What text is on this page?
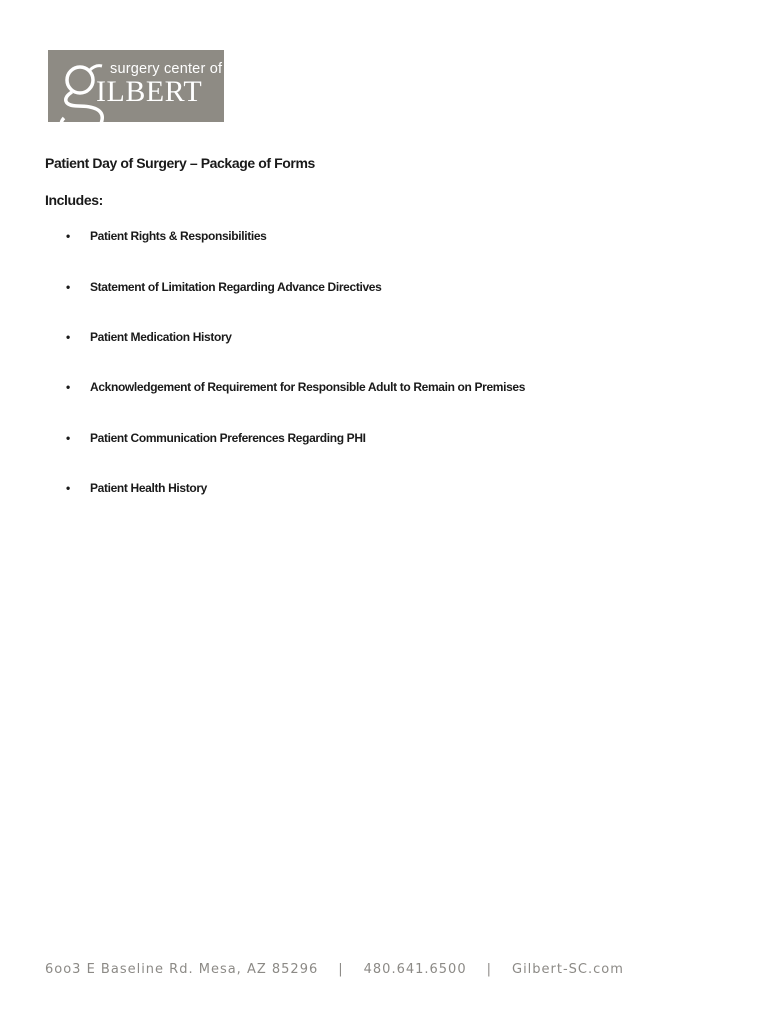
surgery center of
ILBERT
Patient Day of Surgery – Package of Forms
Includes:
• Patient Rights & Responsibilities
• Statement of Limitation Regarding Advance Directives
• Patient Medication History
• Acknowledgement of Requirement for Responsible Adult to Remain on Premises
• Patient Communication Preferences Regarding PHI
• Patient Health History
6oo3 E Baseline Rd. Mesa, AZ 85296 | 480.641.6500 | Gilbert-SC.com
